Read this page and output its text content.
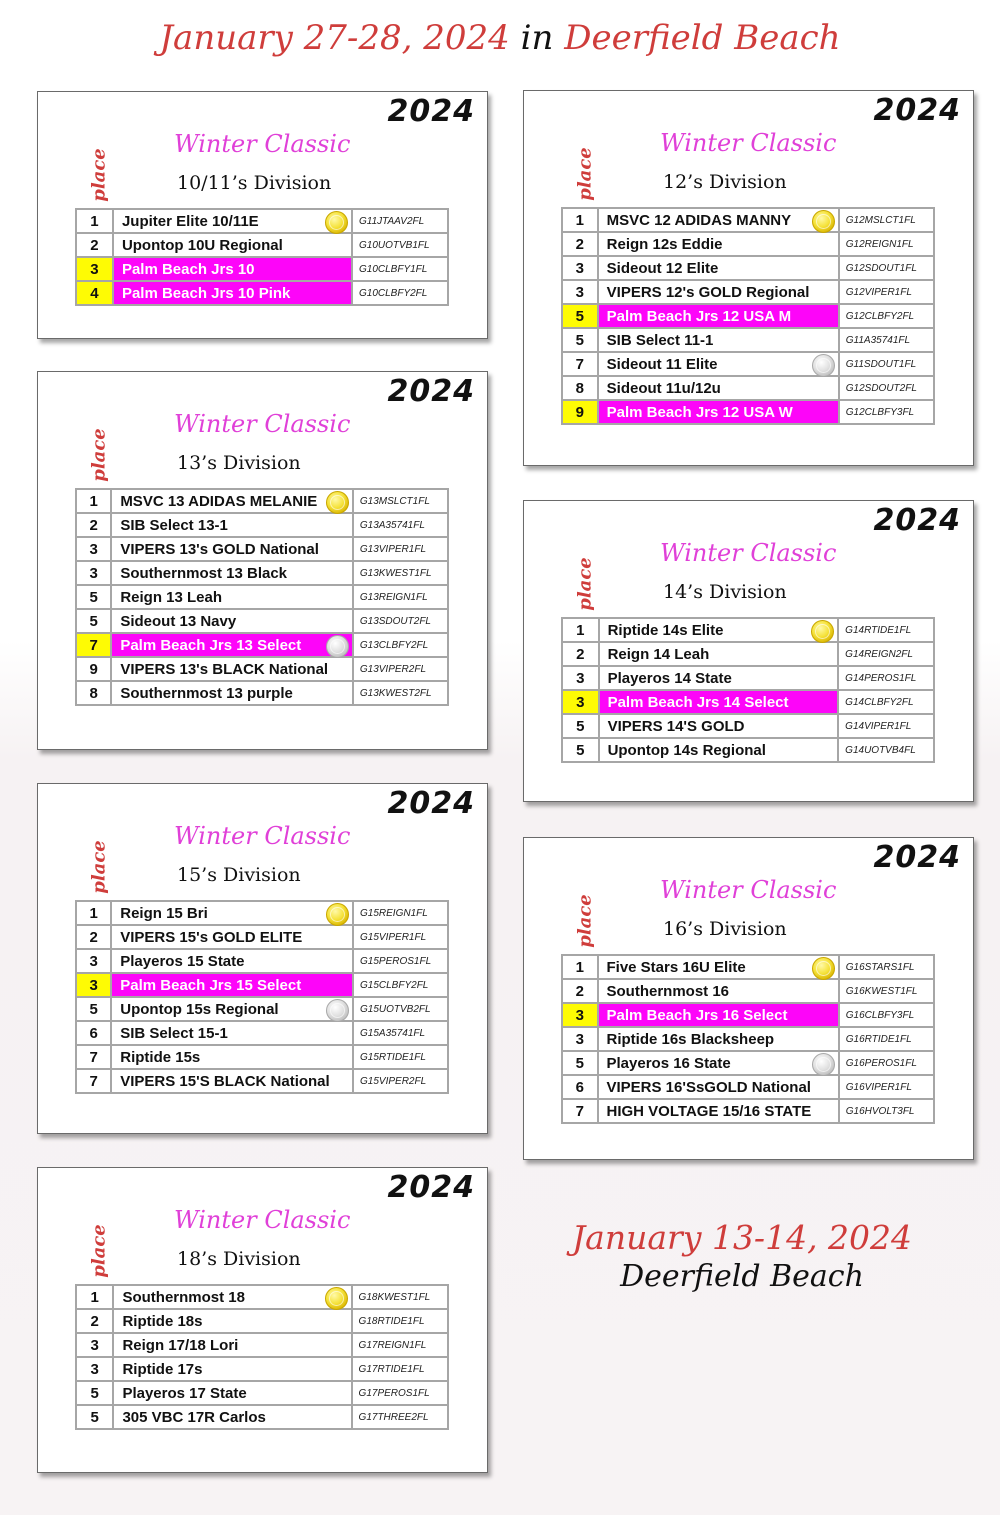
January 27-28, 2024 in Deerfield Beach
2024
Winter Classic
place	10/11’s Division
1	Jupiter Elite 10/11E	G11JTAAV2FL
2	Upontop 10U Regional	G10UOTVB1FL
3	Palm Beach Jrs 10	G10CLBFY1FL
4	Palm Beach Jrs 10 Pink	G10CLBFY2FL
2024
Winter Classic
place	12’s Division
1	MSVC 12 ADIDAS MANNY	G12MSLCT1FL
2	Reign 12s Eddie	G12REIGN1FL
3	Sideout 12 Elite	G12SDOUT1FL
3	VIPERS 12's GOLD Regional	G12VIPER1FL
5	Palm Beach Jrs 12 USA M	G12CLBFY2FL
5	SIB Select 11-1	G11A35741FL
7	Sideout 11 Elite	G11SDOUT1FL
8	Sideout 11u/12u	G12SDOUT2FL
9	Palm Beach Jrs 12 USA W	G12CLBFY3FL
2024
Winter Classic
place	13’s Division
1	MSVC 13 ADIDAS MELANIE	G13MSLCT1FL
2	SIB Select 13-1	G13A35741FL
3	VIPERS 13's GOLD National	G13VIPER1FL
3	Southernmost 13 Black	G13KWEST1FL
5	Reign 13 Leah	G13REIGN1FL
5	Sideout 13 Navy	G13SDOUT2FL
7	Palm Beach Jrs 13 Select	G13CLBFY2FL
9	VIPERS 13's BLACK National	G13VIPER2FL
8	Southernmost 13 purple	G13KWEST2FL
2024
Winter Classic
place	14’s Division
1	Riptide 14s Elite	G14RTIDE1FL
2	Reign 14 Leah	G14REIGN2FL
3	Playeros 14 State	G14PEROS1FL
3	Palm Beach Jrs 14 Select	G14CLBFY2FL
5	VIPERS 14'S GOLD	G14VIPER1FL
5	Upontop 14s Regional	G14UOTVB4FL
2024
Winter Classic
place	15’s Division
1	Reign 15 Bri	G15REIGN1FL
2	VIPERS 15's GOLD ELITE	G15VIPER1FL
3	Playeros 15 State	G15PEROS1FL
3	Palm Beach Jrs 15 Select	G15CLBFY2FL
5	Upontop 15s Regional	G15UOTVB2FL
6	SIB Select 15-1	G15A35741FL
7	Riptide 15s	G15RTIDE1FL
7	VIPERS 15'S BLACK National	G15VIPER2FL
2024
Winter Classic
place	16’s Division
1	Five Stars 16U Elite	G16STARS1FL
2	Southernmost 16	G16KWEST1FL
3	Palm Beach Jrs 16 Select	G16CLBFY3FL
3	Riptide 16s Blacksheep	G16RTIDE1FL
5	Playeros 16 State	G16PEROS1FL
6	VIPERS 16'SsGOLD National	G16VIPER1FL
7	HIGH VOLTAGE 15/16 STATE	G16HVOLT3FL
2024
Winter Classic
place	18’s Division
1	Southernmost 18	G18KWEST1FL
2	Riptide 18s	G18RTIDE1FL
3	Reign 17/18 Lori	G17REIGN1FL
3	Riptide 17s	G17RTIDE1FL
5	Playeros 17 State	G17PEROS1FL
5	305 VBC 17R Carlos	G17THREE2FL
January 13-14, 2024
Deerfield Beach
